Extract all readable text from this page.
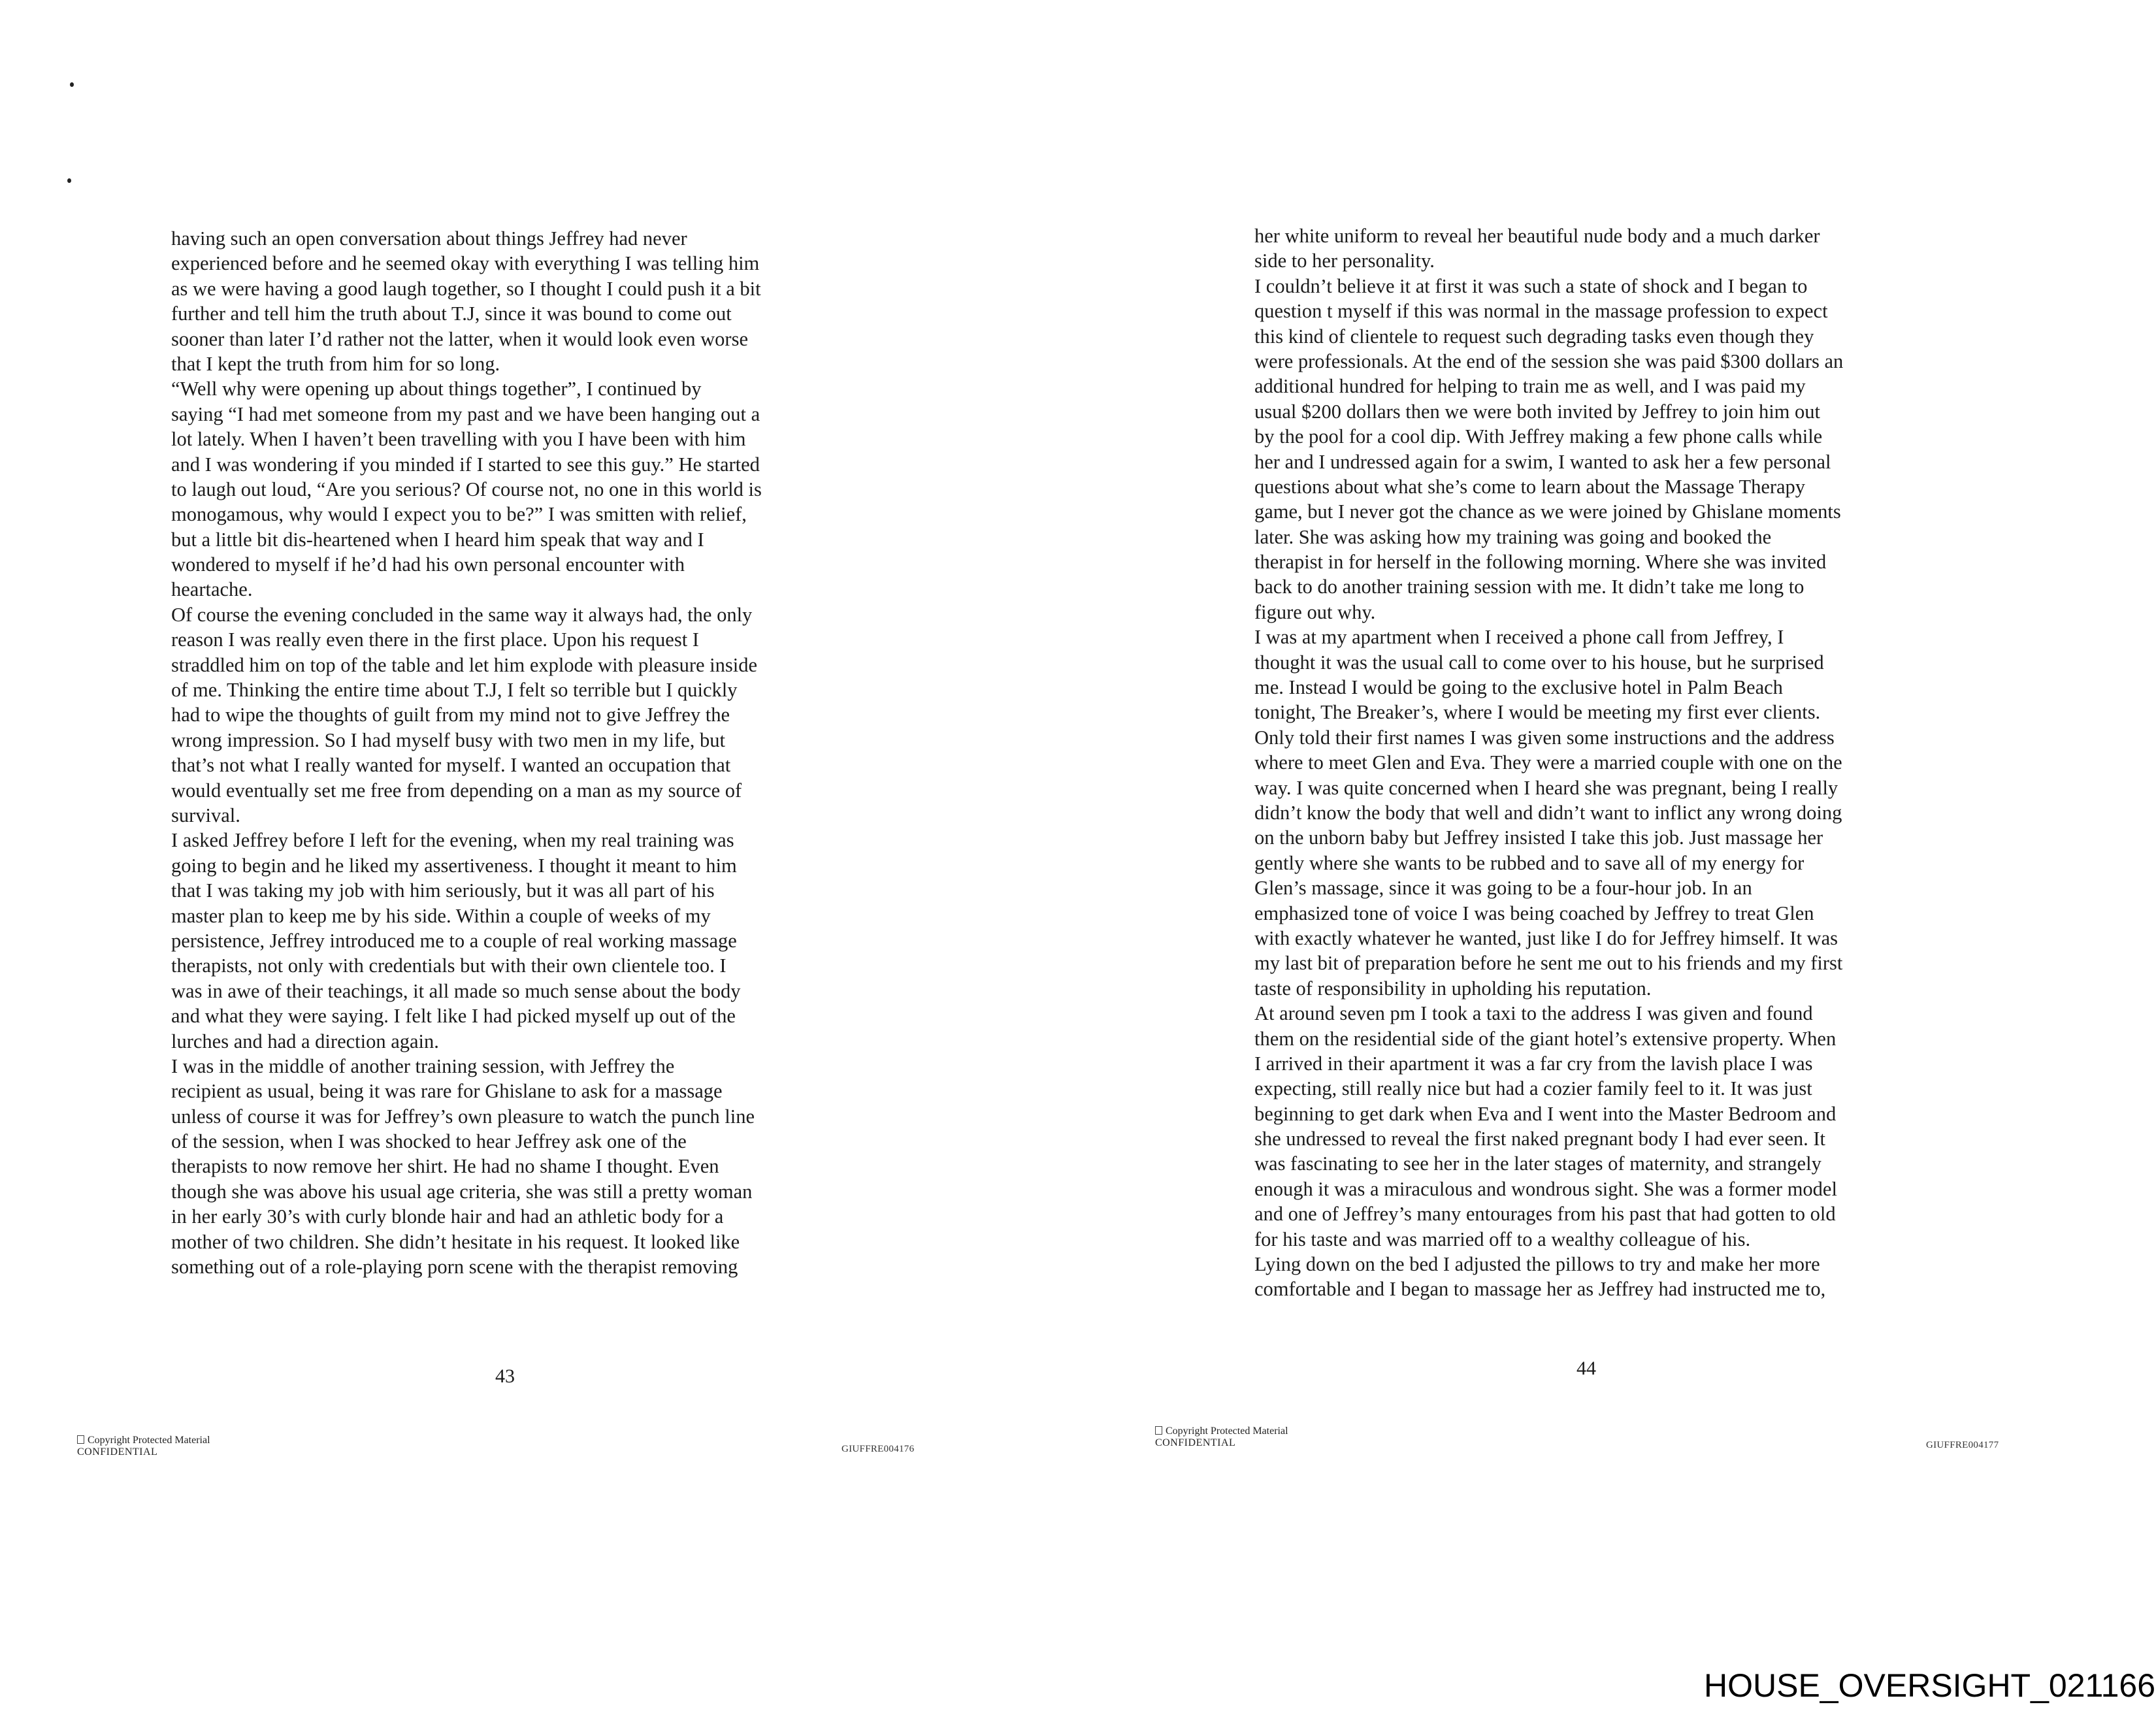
having such an open conversation about things Jeffrey had never
experienced before and he seemed okay with everything I was telling him
as we were having a good laugh together, so I thought I could push it a bit
further and tell him the truth about T.J, since it was bound to come out
sooner than later I’d rather not the latter, when it would look even worse
that I kept the truth from him for so long.
“Well why were opening up about things together”, I continued by
saying “I had met someone from my past and we have been hanging out a
lot lately. When I haven’t been travelling with you I have been with him
and I was wondering if you minded if I started to see this guy.” He started
to laugh out loud, “Are you serious? Of course not, no one in this world is
monogamous, why would I expect you to be?” I was smitten with relief,
but a little bit dis-heartened when I heard him speak that way and I
wondered to myself if he’d had his own personal encounter with
heartache.
Of course the evening concluded in the same way it always had, the only
reason I was really even there in the first place. Upon his request I
straddled him on top of the table and let him explode with pleasure inside
of me. Thinking the entire time about T.J, I felt so terrible but I quickly
had to wipe the thoughts of guilt from my mind not to give Jeffrey the
wrong impression. So I had myself busy with two men in my life, but
that’s not what I really wanted for myself. I wanted an occupation that
would eventually set me free from depending on a man as my source of
survival.
I asked Jeffrey before I left for the evening, when my real training was
going to begin and he liked my assertiveness. I thought it meant to him
that I was taking my job with him seriously, but it was all part of his
master plan to keep me by his side. Within a couple of weeks of my
persistence, Jeffrey introduced me to a couple of real working massage
therapists, not only with credentials but with their own clientele too. I
was in awe of their teachings, it all made so much sense about the body
and what they were saying. I felt like I had picked myself up out of the
lurches and had a direction again.
I was in the middle of another training session, with Jeffrey the
recipient as usual, being it was rare for Ghislane to ask for a massage
unless of course it was for Jeffrey’s own pleasure to watch the punch line
of the session, when I was shocked to hear Jeffrey ask one of the
therapists to now remove her shirt. He had no shame I thought. Even
though she was above his usual age criteria, she was still a pretty woman
in her early 30’s with curly blonde hair and had an athletic body for a
mother of two children. She didn’t hesitate in his request. It looked like
something out of a role-playing porn scene with the therapist removing
her white uniform to reveal her beautiful nude body and a much darker
side to her personality.
I couldn’t believe it at first it was such a state of shock and I began to
question t myself if this was normal in the massage profession to expect
this kind of clientele to request such degrading tasks even though they
were professionals. At the end of the session she was paid $300 dollars an
additional hundred for helping to train me as well, and I was paid my
usual $200 dollars then we were both invited by Jeffrey to join him out
by the pool for a cool dip. With Jeffrey making a few phone calls while
her and I undressed again for a swim, I wanted to ask her a few personal
questions about what she’s come to learn about the Massage Therapy
game, but I never got the chance as we were joined by Ghislane moments
later. She was asking how my training was going and booked the
therapist in for herself in the following morning. Where she was invited
back to do another training session with me. It didn’t take me long to
figure out why.
I was at my apartment when I received a phone call from Jeffrey, I
thought it was the usual call to come over to his house, but he surprised
me. Instead I would be going to the exclusive hotel in Palm Beach
tonight, The Breaker’s, where I would be meeting my first ever clients.
Only told their first names I was given some instructions and the address
where to meet Glen and Eva. They were a married couple with one on the
way. I was quite concerned when I heard she was pregnant, being I really
didn’t know the body that well and didn’t want to inflict any wrong doing
on the unborn baby but Jeffrey insisted I take this job. Just massage her
gently where she wants to be rubbed and to save all of my energy for
Glen’s massage, since it was going to be a four-hour job. In an
emphasized tone of voice I was being coached by Jeffrey to treat Glen
with exactly whatever he wanted, just like I do for Jeffrey himself. It was
my last bit of preparation before he sent me out to his friends and my first
taste of responsibility in upholding his reputation.
At around seven pm I took a taxi to the address I was given and found
them on the residential side of the giant hotel’s extensive property. When
I arrived in their apartment it was a far cry from the lavish place I was
expecting, still really nice but had a cozier family feel to it. It was just
beginning to get dark when Eva and I went into the Master Bedroom and
she undressed to reveal the first naked pregnant body I had ever seen. It
was fascinating to see her in the later stages of maternity, and strangely
enough it was a miraculous and wondrous sight. She was a former model
and one of Jeffrey’s many entourages from his past that had gotten to old
for his taste and was married off to a wealthy colleague of his.
Lying down on the bed I adjusted the pillows to try and make her more
comfortable and I began to massage her as Jeffrey had instructed me to,
43	44
Copyright Protected Material
CONFIDENTIAL
Copyright Protected Material
CONFIDENTIAL
GIUFFRE004176	GIUFFRE004177
HOUSE_OVERSIGHT_021166
